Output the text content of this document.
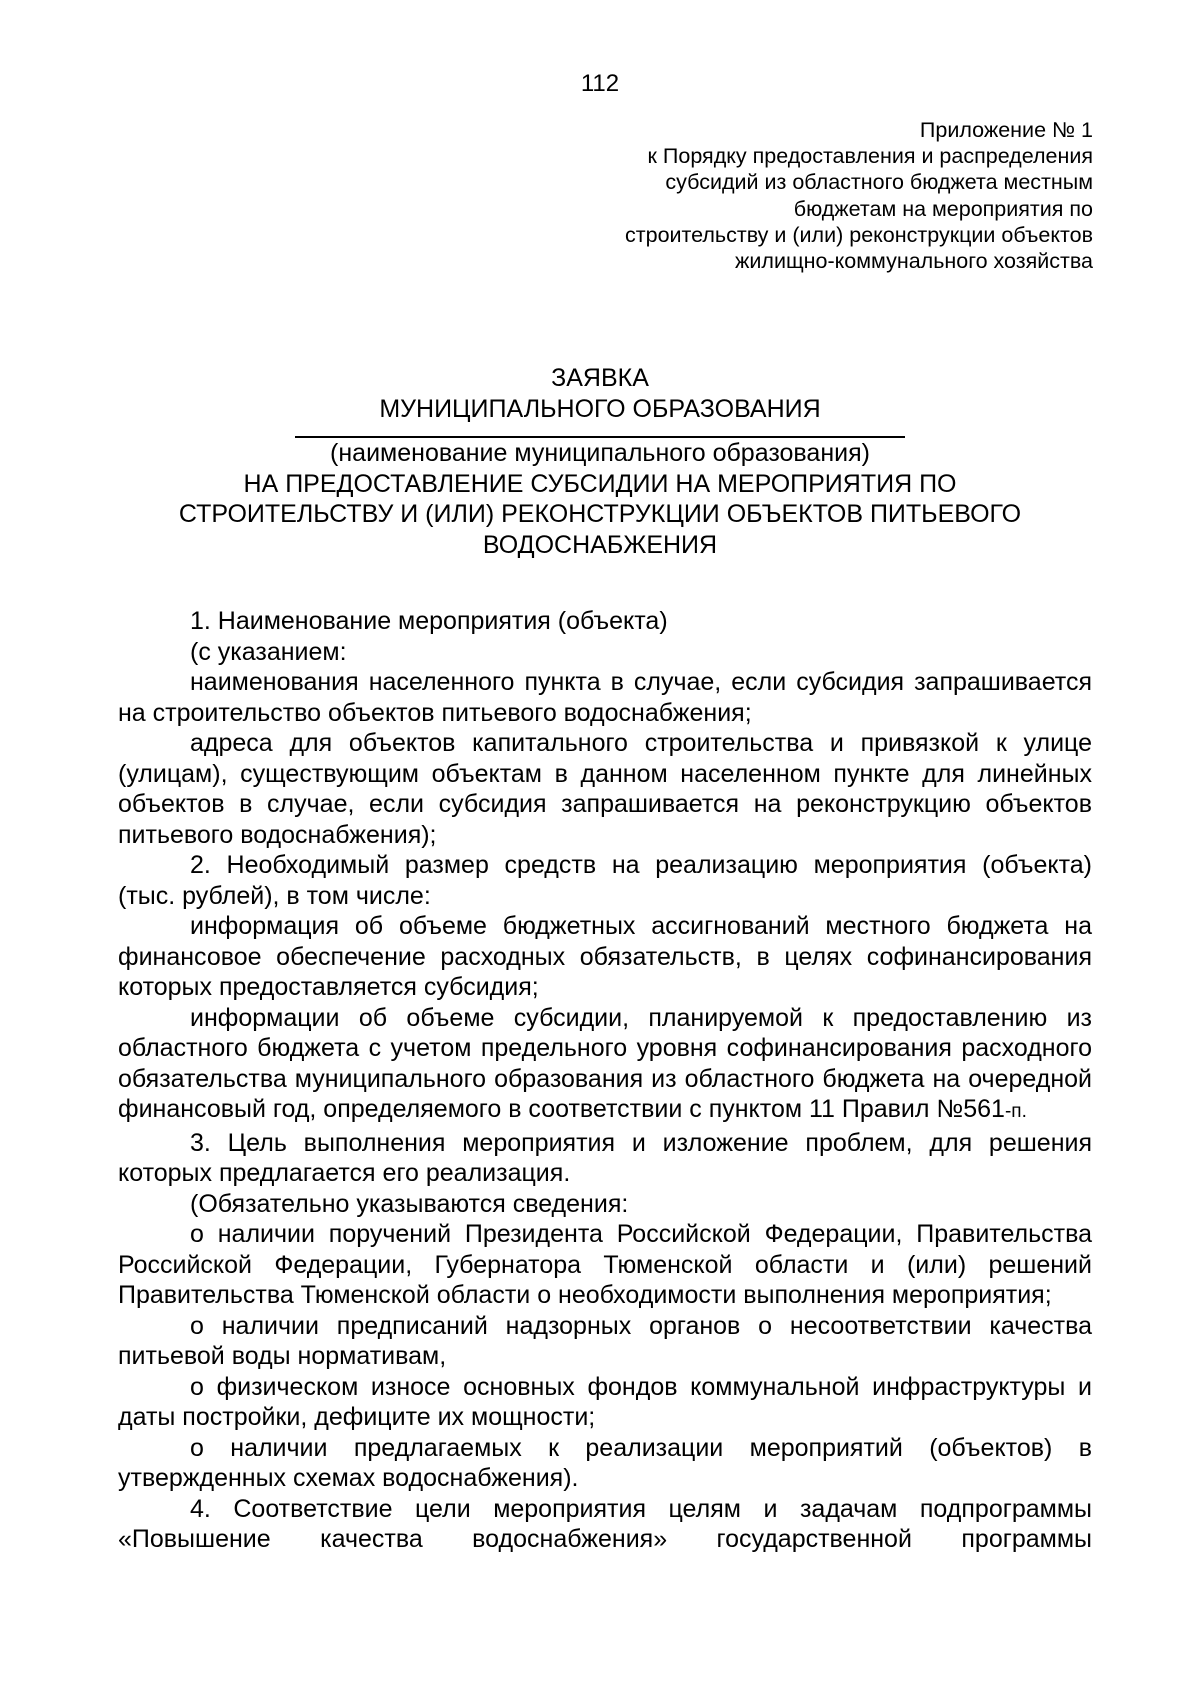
112
Приложение № 1
к Порядку предоставления и распределения
субсидий из областного бюджета местным
бюджетам на мероприятия по
строительству и (или) реконструкции объектов
жилищно-коммунального хозяйства
ЗАЯВКА
МУНИЦИПАЛЬНОГО ОБРАЗОВАНИЯ
(наименование муниципального образования)
НА ПРЕДОСТАВЛЕНИЕ СУБСИДИИ НА МЕРОПРИЯТИЯ ПО
СТРОИТЕЛЬСТВУ И (ИЛИ) РЕКОНСТРУКЦИИ ОБЪЕКТОВ ПИТЬЕВОГО
ВОДОСНАБЖЕНИЯ

1. Наименование мероприятия (объекта)

(с указанием:

наименования населенного пункта в случае, если субсидия запрашивается на строительство объектов питьевого водоснабжения;

адреса для объектов капитального строительства и привязкой к улице (улицам), существующим объектам в данном населенном пункте для линейных объектов в случае, если субсидия запрашивается на реконструкцию объектов питьевого водоснабжения);

2. Необходимый размер средств на реализацию мероприятия (объекта) (тыс. рублей), в том числе:

информация об объеме бюджетных ассигнований местного бюджета на финансовое обеспечение расходных обязательств, в целях софинансирования которых предоставляется субсидия;

информации об объеме субсидии, планируемой к предоставлению из областного бюджета с учетом предельного уровня софинансирования расходного обязательства муниципального образования из областного бюджета на очередной финансовый год, определяемого в соответствии с пунктом 11 Правил №561-п.

3. Цель выполнения мероприятия и изложение проблем, для решения которых предлагается его реализация.

(Обязательно указываются сведения:

о наличии поручений Президента Российской Федерации, Правительства Российской Федерации, Губернатора Тюменской области и (или) решений Правительства Тюменской области о необходимости выполнения мероприятия;

о наличии предписаний надзорных органов о несоответствии качества питьевой воды нормативам,

о физическом износе основных фондов коммунальной инфраструктуры и даты постройки, дефиците их мощности;

о наличии предлагаемых к реализации мероприятий (объектов) в утвержденных схемах водоснабжения).

4. Соответствие цели мероприятия целям и задачам подпрограммы «Повышение качества водоснабжения» государственной программы
